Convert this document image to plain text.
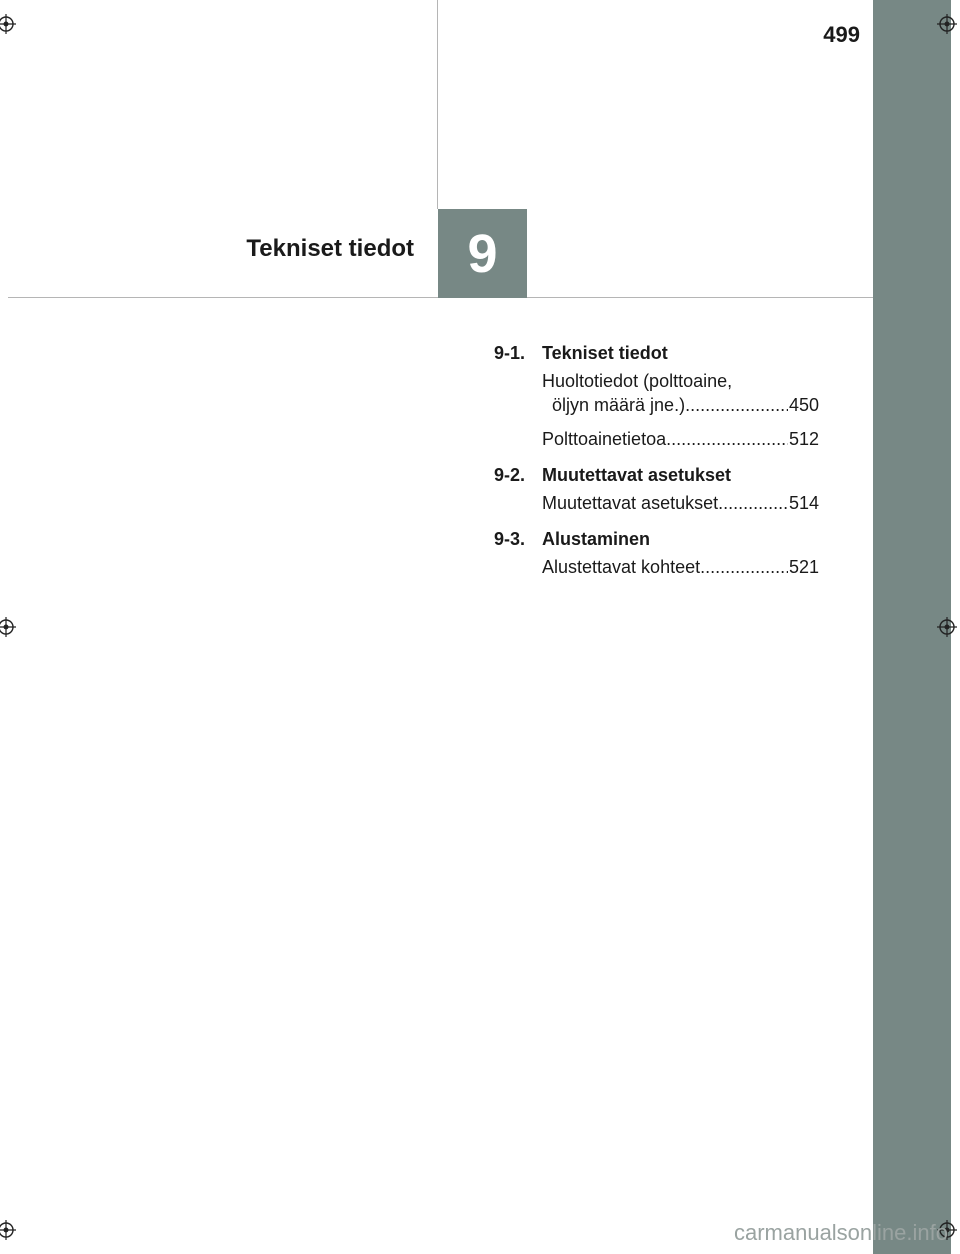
499
Tekniset tiedot 9
9-1. Tekniset tiedot
Huoltotiedot (polttoaine,
öljyn määrä jne.) .....	450
Polttoainetietoa .....	512
9-2. Muutettavat asetukset
Muutettavat asetukset .....	514
9-3. Alustaminen
Alustettavat kohteet .....	521
carmanualsonline.info
